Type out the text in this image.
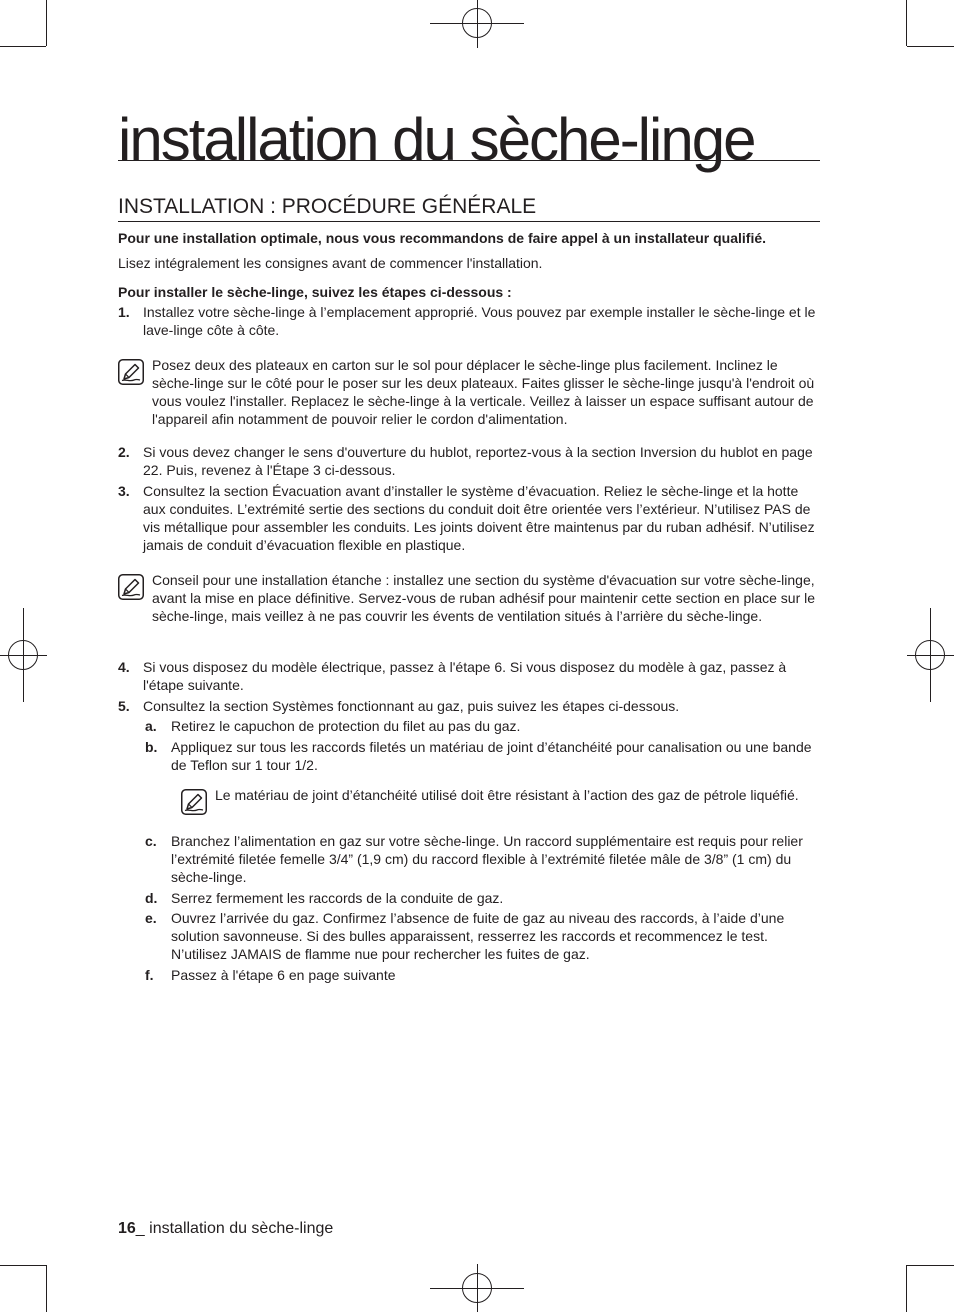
installation du sèche-linge
INSTALLATION : PROCÉDURE GÉNÉRALE
Pour une installation optimale, nous vous recommandons de faire appel à un installateur qualifié.
Lisez intégralement les consignes avant de commencer l'installation.
Pour installer le sèche-linge, suivez les étapes ci-dessous :
1. Installez votre sèche-linge à l’emplacement approprié. Vous pouvez par exemple installer le sèche-linge et le lave-linge côte à côte.
Posez deux des plateaux en carton sur le sol pour déplacer le sèche-linge plus facilement. Inclinez le sèche-linge sur le côté pour le poser sur les deux plateaux. Faites glisser le sèche-linge jusqu'à l'endroit où vous voulez l'installer. Replacez le sèche-linge à la verticale. Veillez à laisser un espace suffisant autour de l'appareil afin notamment de pouvoir relier le cordon d'alimentation.
2. Si vous devez changer le sens d'ouverture du hublot, reportez-vous à la section Inversion du hublot en page 22. Puis, revenez à l'Étape 3 ci-dessous.
3. Consultez la section Évacuation avant d’installer le système d’évacuation. Reliez le sèche-linge et la hotte aux conduites. L’extrémité sertie des sections du conduit doit être orientée vers l’extérieur. N’utilisez PAS de vis métallique pour assembler les conduits. Les joints doivent être maintenus par du ruban adhésif. N’utilisez jamais de conduit d’évacuation flexible en plastique.
Conseil pour une installation étanche : installez une section du système d'évacuation sur votre sèche-linge, avant la mise en place définitive. Servez-vous de ruban adhésif pour maintenir cette section en place sur le sèche-linge, mais veillez à ne pas couvrir les évents de ventilation situés à l’arrière du sèche-linge.
4. Si vous disposez du modèle électrique, passez à l'étape 6. Si vous disposez du modèle à gaz, passez à l'étape suivante.
5. Consultez la section Systèmes fonctionnant au gaz, puis suivez les étapes ci-dessous.
a. Retirez le capuchon de protection du filet au pas du gaz.
b. Appliquez sur tous les raccords filetés un matériau de joint d’étanchéité pour canalisation ou une bande de Teflon sur 1 tour 1/2.
Le matériau de joint d’étanchéité utilisé doit être résistant à l’action des gaz de pétrole liquéfié.
c. Branchez l’alimentation en gaz sur votre sèche-linge. Un raccord supplémentaire est requis pour relier l’extrémité filetée femelle 3/4” (1,9 cm) du raccord flexible à l’extrémité filetée mâle de 3/8” (1 cm) du sèche-linge.
d. Serrez fermement les raccords de la conduite de gaz.
e. Ouvrez l’arrivée du gaz. Confirmez l’absence de fuite de gaz au niveau des raccords, à l’aide d’une solution savonneuse. Si des bulles apparaissent, resserrez les raccords et recommencez le test. N’utilisez JAMAIS de flamme nue pour rechercher les fuites de gaz.
f. Passez à l'étape 6 en page suivante
16_ installation du sèche-linge
